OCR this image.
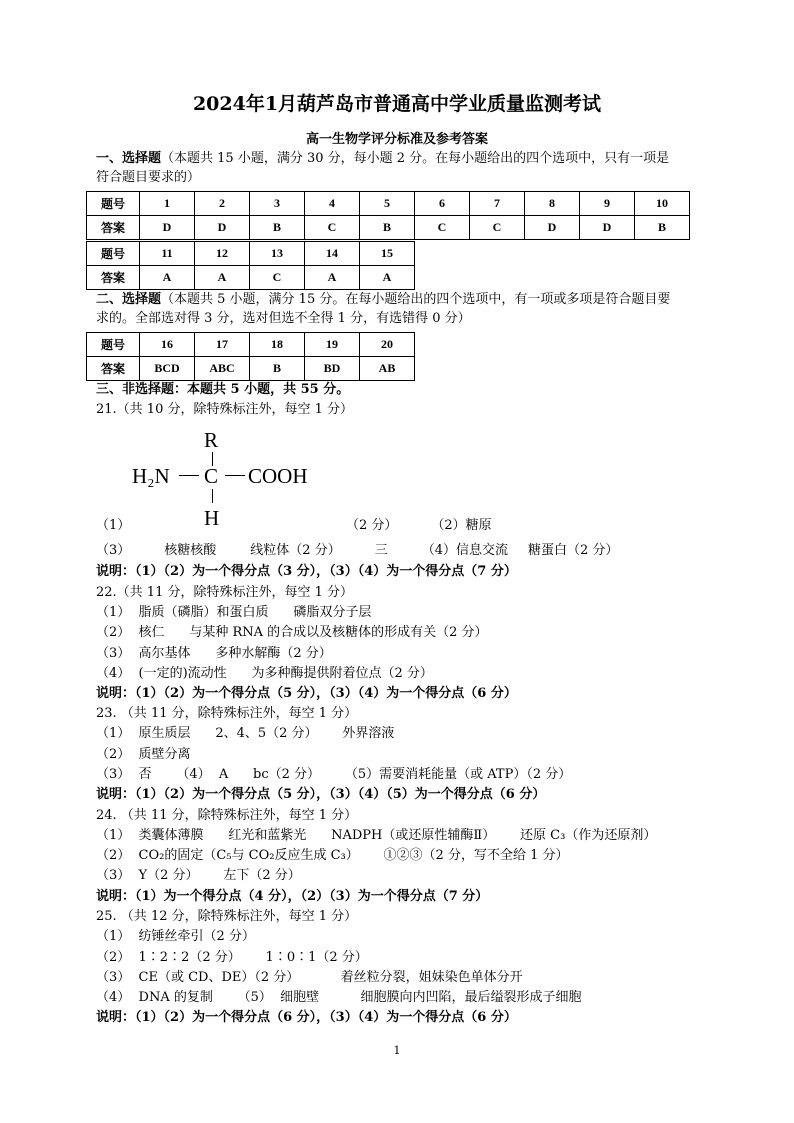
2024年1月葫芦岛市普通高中学业质量监测考试
高一生物学评分标准及参考答案
一、选择题（本题共 15 小题，满分 30 分，每小题 2 分。在每小题给出的四个选项中，只有一项是
符合题目要求的）
题号	1	2	3	4	5	6	7	8	9	10
答案	D	D	B	C	B	C	C	D	D	B
题号	11	12	13	14	15
答案	A	A	C	A	A
二、选择题（本题共 5 小题，满分 15 分。在每小题给出的四个选项中，有一项或多项是符合题目要
求的。全部选对得 3 分，选对但选不全得 1 分，有选错得 0 分）
题号	16	17	18	19	20
答案	BCD	ABC	B	BD	AB
三、非选择题：本题共 5 小题，共 55 分。
21.（共 10 分，除特殊标注外，每空 1 分）
R
H₂N C COOH
H
（1）	（2 分）	（2）糖原
（3）	核糖核酸	线粒体（2 分）	三	（4）信息交流 糖蛋白（2 分）
说明：（1）（2）为一个得分点（3 分），（3）（4）为一个得分点（7 分）
22.（共 11 分，除特殊标注外，每空 1 分）
（1）  脂质（磷脂）和蛋白质      磷脂双分子层
（2）  核仁      与某种 RNA 的合成以及核糖体的形成有关（2 分）
（3）  高尔基体      多种水解酶（2 分）
（4）  (一定的)流动性      为多种酶提供附着位点（2 分）
说明：（1）（2）为一个得分点（5 分），（3）（4）为一个得分点（6 分）
23. （共 11 分，除特殊标注外，每空 1 分）
（1）  原生质层      2、4、5（2 分）      外界溶液
（2）  质壁分离
（3）  否      （4）  A      bc（2 分）      （5）需要消耗能量（或 ATP）（2 分）
说明：（1）（2）为一个得分点（5 分），（3）（4）（5）为一个得分点（6 分）
24. （共 11 分，除特殊标注外，每空 1 分）
（1）  类囊体薄膜      红光和蓝紫光      NADPH（或还原性辅酶Ⅱ）      还原 C₃（作为还原剂）
（2）  CO₂的固定（C₅与 CO₂反应生成 C₃）      ①②③（2 分，写不全给 1 分）
（3）  Y（2 分）      左下（2 分）
说明：（1）为一个得分点（4 分），（2）（3）为一个得分点（7 分）
25. （共 12 分，除特殊标注外，每空 1 分）
（1）  纺锤丝牵引（2 分）
（2）  1∶2∶2（2 分）      1∶0∶1（2 分）
（3）  CE（或 CD、DE）（2 分）          着丝粒分裂，姐妹染色单体分开
（4）  DNA 的复制      （5）  细胞壁          细胞膜向内凹陷，最后缢裂形成子细胞
说明：（1）（2）为一个得分点（6 分），（3）（4）为一个得分点（6 分）
1
